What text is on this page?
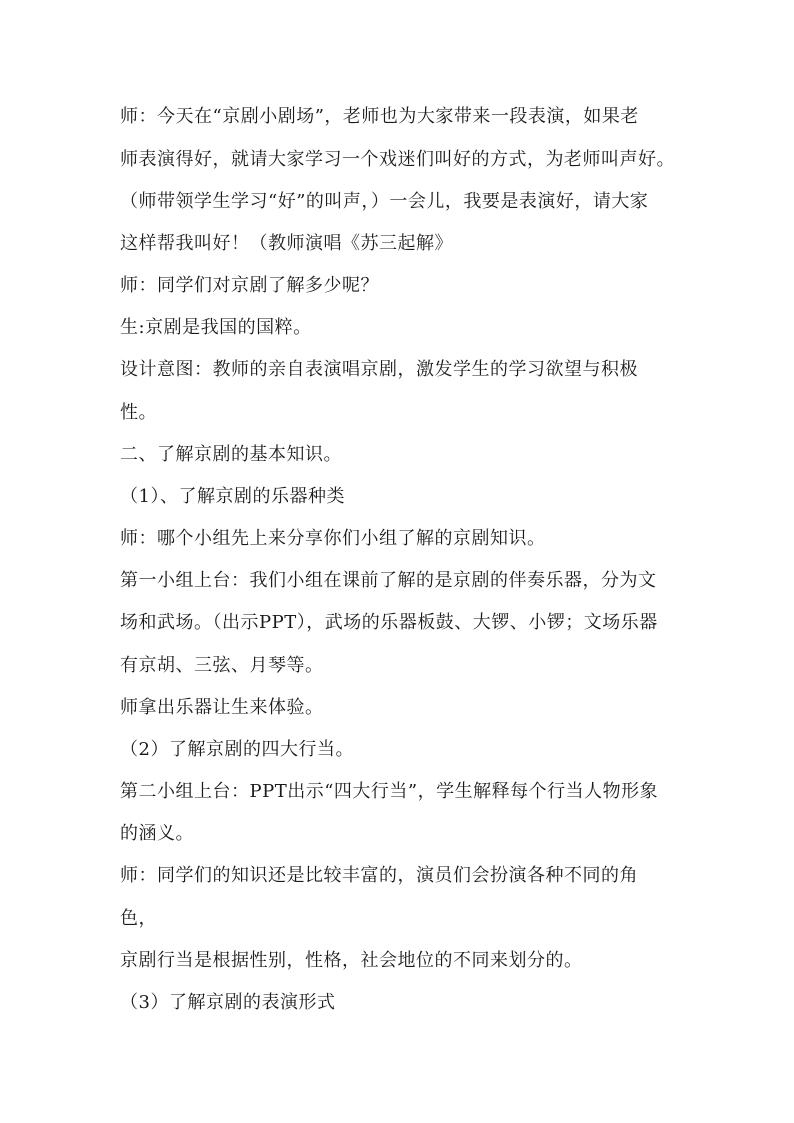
师：今天在“京剧小剧场”，老师也为大家带来一段表演，如果老
师表演得好，就请大家学习一个戏迷们叫好的方式，为老师叫声好。
（师带领学生学习“好”的叫声，）一会儿，我要是表演好，请大家
这样帮我叫好！（教师演唱《苏三起解》
师：同学们对京剧了解多少呢？
生:京剧是我国的国粹。
设计意图：教师的亲自表演唱京剧，激发学生的学习欲望与积极
性。
二、了解京剧的基本知识。
（1）、了解京剧的乐器种类
师：哪个小组先上来分享你们小组了解的京剧知识。
第一小组上台：我们小组在课前了解的是京剧的伴奏乐器，分为文
场和武场。（出示PPT），武场的乐器板鼓、大锣、小锣；文场乐器
有京胡、三弦、月琴等。
师拿出乐器让生来体验。
（2）了解京剧的四大行当。
第二小组上台：PPT出示“四大行当”，学生解释每个行当人物形象
的涵义。
师：同学们的知识还是比较丰富的，演员们会扮演各种不同的角
色，
京剧行当是根据性别，性格，社会地位的不同来划分的。
（3）了解京剧的表演形式
